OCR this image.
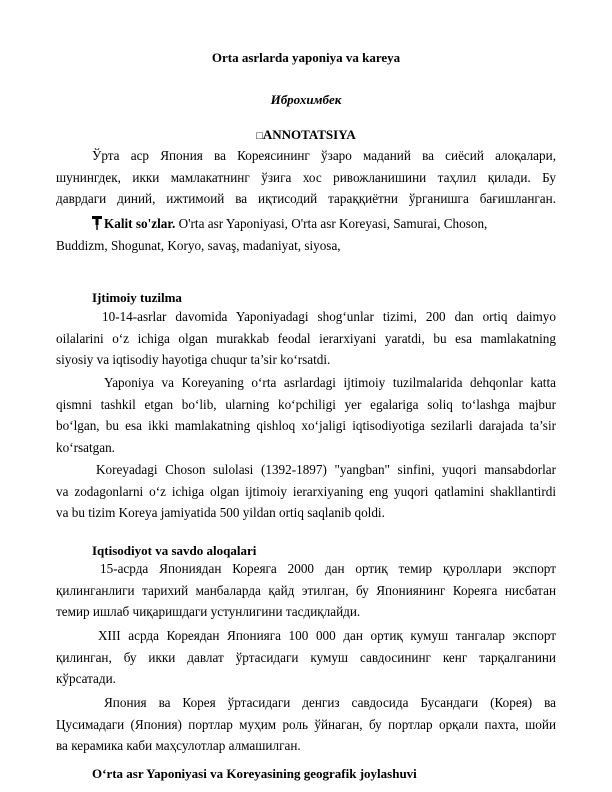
Orta asrlarda yaponiya va kareya
Иброхимбек
□ANNOTATSIYA
Ўрта аср Япония ва Кореясининг ўзаро маданий ва сиёсий алоқалари,
шунингдек, икки мамлакатнинг ўзига хос ривожланишини таҳлил қилади. Бу
даврдаги диний, ижтимоий ва иқтисодий тараққиётни ўрганишга бағишланган.
Kalit so'zlar. O'rta asr Yaponiyasi, O'rta asr Koreyasi, Samurai, Choson,
Buddizm, Shogunat, Koryo, savaş, madaniyat, siyosa,
Ijtimoiy tuzilma
10-14-asrlar davomida Yaponiyadagi shog‘unlar tizimi, 200 dan ortiq daimyo
oilalarini o‘z ichiga olgan murakkab feodal ierarxiyani yaratdi, bu esa mamlakatning
siyosiy va iqtisodiy hayotiga chuqur ta’sir ko‘rsatdi.
Yaponiya va Koreyaning o‘rta asrlardagi ijtimoiy tuzilmalarida dehqonlar katta
qismni tashkil etgan bo‘lib, ularning ko‘pchiligi yer egalariga soliq to‘lashga majbur
bo‘lgan, bu esa ikki mamlakatning qishloq xo‘jaligi iqtisodiyotiga sezilarli darajada ta’sir
ko‘rsatgan.
Koreyadagi Choson sulolasi (1392-1897) "yangban" sinfini, yuqori mansabdorlar
va zodagonlarni o‘z ichiga olgan ijtimoiy ierarxiyaning eng yuqori qatlamini shakllantirdi
va bu tizim Koreya jamiyatida 500 yildan ortiq saqlanib qoldi.
Iqtisodiyot va savdo aloqalari
15-асрда Япониядан Кореяга 2000 дан ортиқ темир қуроллари экспорт
қилинганлиги тарихий манбаларда қайд этилган, бу Япониянинг Кореяга нисбатан
темир ишлаб чиқаришдаги устунлигини тасдиқлайди.
XIII асрда Кореядан Японияга 100 000 дан ортиқ кумуш тангалар экспорт
қилинган, бу икки давлат ўртасидаги кумуш савдосининг кенг тарқалганини
кўрсатади.
Япония ва Корея ўртасидаги денгиз савдосида Бусандаги (Корея) ва
Цусимадаги (Япония) портлар муҳим роль ўйнаган, бу портлар орқали пахта, шойи
ва керамика каби маҳсулотлар алмашилган.
O‘rta asr Yaponiyasi va Koreyasining geografik joylashuvi
